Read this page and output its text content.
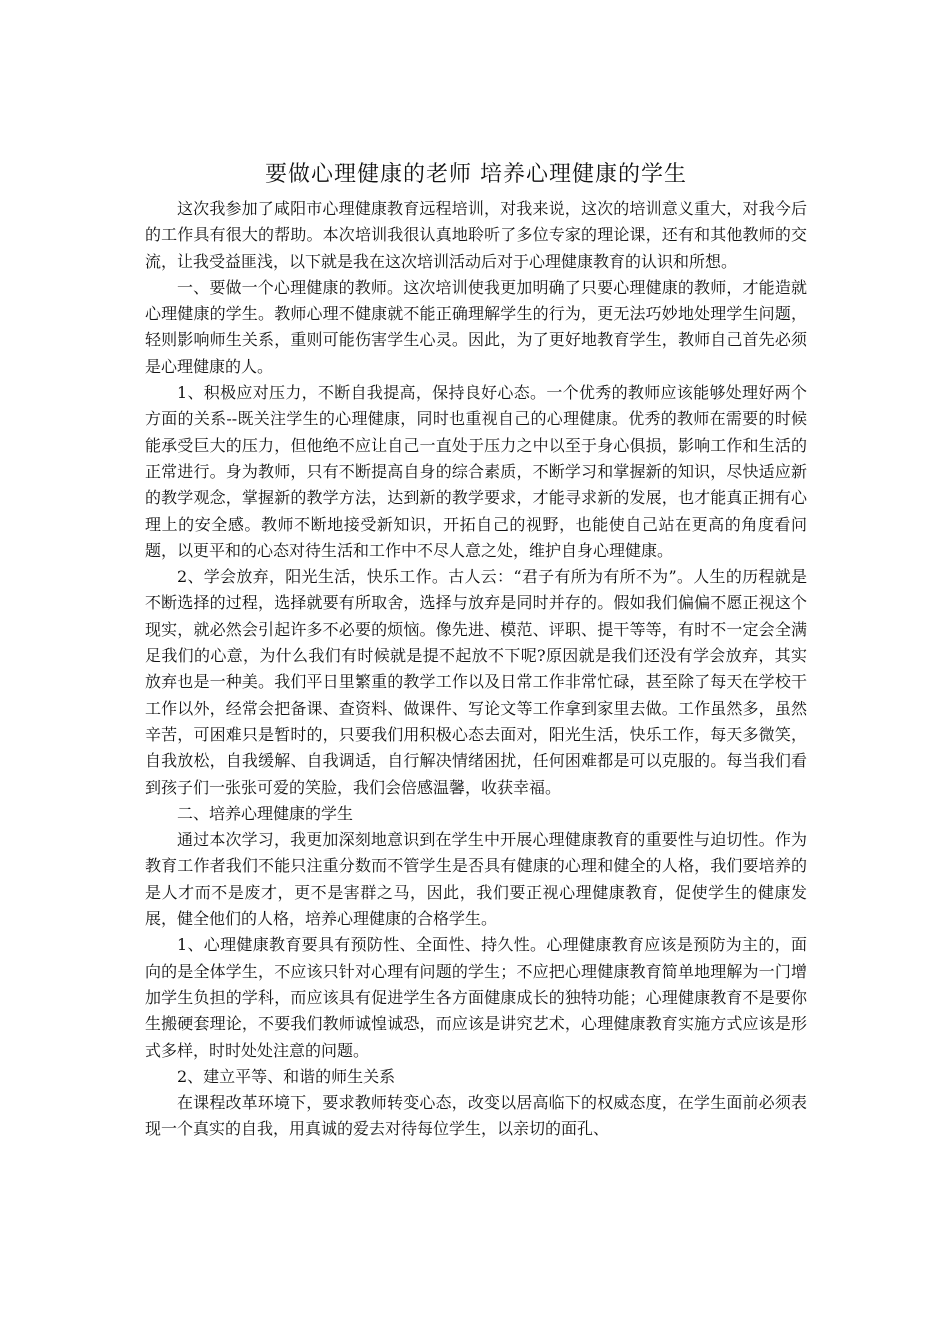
要做心理健康的老师 培养心理健康的学生

这次我参加了咸阳市心理健康教育远程培训，对我来说，这次的培训意义重大，对我今后的工作具有很大的帮助。本次培训我很认真地聆听了多位专家的理论课，还有和其他教师的交流，让我受益匪浅，以下就是我在这次培训活动后对于心理健康教育的认识和所想。

一、要做一个心理健康的教师。这次培训使我更加明确了只要心理健康的教师，才能造就心理健康的学生。教师心理不健康就不能正确理解学生的行为，更无法巧妙地处理学生问题，轻则影响师生关系，重则可能伤害学生心灵。因此，为了更好地教育学生，教师自己首先必须是心理健康的人。

1、积极应对压力，不断自我提高，保持良好心态。一个优秀的教师应该能够处理好两个方面的关系--既关注学生的心理健康，同时也重视自己的心理健康。优秀的教师在需要的时候能承受巨大的压力，但他绝不应让自己一直处于压力之中以至于身心俱损，影响工作和生活的正常进行。身为教师，只有不断提高自身的综合素质，不断学习和掌握新的知识，尽快适应新的教学观念，掌握新的教学方法，达到新的教学要求，才能寻求新的发展，也才能真正拥有心理上的安全感。教师不断地接受新知识，开拓自己的视野，也能使自己站在更高的角度看问题，以更平和的心态对待生活和工作中不尽人意之处，维护自身心理健康。

2、学会放弃，阳光生活，快乐工作。古人云：“君子有所为有所不为”。人生的历程就是不断选择的过程，选择就要有所取舍，选择与放弃是同时并存的。假如我们偏偏不愿正视这个现实，就必然会引起许多不必要的烦恼。像先进、模范、评职、提干等等，有时不一定会全满足我们的心意，为什么我们有时候就是提不起放不下呢?原因就是我们还没有学会放弃，其实放弃也是一种美。我们平日里繁重的教学工作以及日常工作非常忙碌，甚至除了每天在学校干工作以外，经常会把备课、查资料、做课件、写论文等工作拿到家里去做。工作虽然多，虽然辛苦，可困难只是暂时的，只要我们用积极心态去面对，阳光生活，快乐工作，每天多微笑，自我放松，自我缓解、自我调适，自行解决情绪困扰，任何困难都是可以克服的。每当我们看到孩子们一张张可爱的笑脸，我们会倍感温馨，收获幸福。

二、培养心理健康的学生

通过本次学习，我更加深刻地意识到在学生中开展心理健康教育的重要性与迫切性。作为教育工作者我们不能只注重分数而不管学生是否具有健康的心理和健全的人格，我们要培养的是人才而不是废才，更不是害群之马，因此，我们要正视心理健康教育，促使学生的健康发展，健全他们的人格，培养心理健康的合格学生。

1、心理健康教育要具有预防性、全面性、持久性。心理健康教育应该是预防为主的，面向的是全体学生，不应该只针对心理有问题的学生；不应把心理健康教育简单地理解为一门增加学生负担的学科，而应该具有促进学生各方面健康成长的独特功能；心理健康教育不是要你生搬硬套理论，不要我们教师诚惶诚恐，而应该是讲究艺术，心理健康教育实施方式应该是形式多样，时时处处注意的问题。

2、建立平等、和谐的师生关系

在课程改革环境下，要求教师转变心态，改变以居高临下的权威态度，在学生面前必须表现一个真实的自我，用真诚的爱去对待每位学生，以亲切的面孔、
